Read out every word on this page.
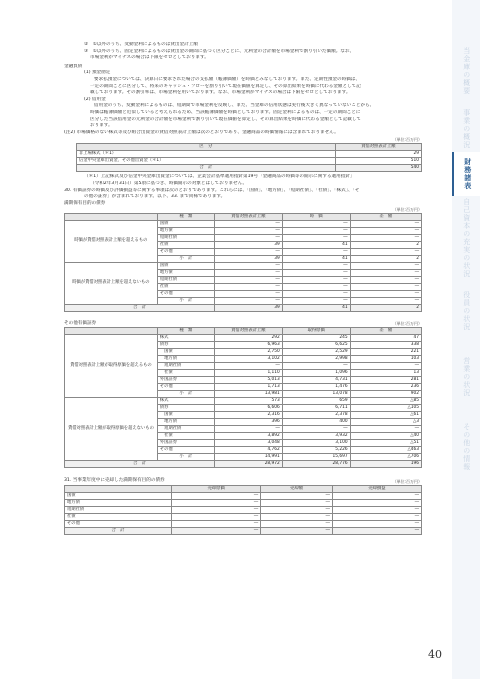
②　①以外のうち、変動金利によるものは貸出金計上額
③　①以外のうち、固定金利によるものは貸出金の期間に基づく区分ごとに、元利金の合計額を市場金利で割り引いた価額。なお、
市場金利がマイナスの場合は下限をゼロとしております。
金融負債
(1) 預金勘定
要求払預金については、決算日に要求された場合の支払額（帳簿価額）を時価とみなしております。また、定期性預金の時価は、
一定の期間ごとに区分して、将来のキャッシュ・フローを割り引いて現在価値を算定し、その算出結果を時価に代わる金額として記
載しております。その割引率は、市場金利を用いております。なお、市場金利がマイナスの場合は下限をゼロとしております。
(2) 借用金
借用金のうち、変動金利によるものは、短期間で市場金利を反映し、また、当金庫の信用状態は実行後大きく異なっていないことから、
時価は帳簿価額と近似していると考えられるため、当該帳簿価額を時価としております。固定金利によるものは、一定の期間ごとに
区分した当該借用金の元利金の合計額を市場金利で割り引いて現在価値を算定し、その算出結果を時価に代わる金額として記載して
おります。
(注2) 市場価格のない株式等及び組合出資金の貸借対照表計上額は次のとおりであり、金融商品の時価情報には含まれておりません。
（単位:百万円）
区　分	貸借対照表計上額
非上場株式（＊1）	29
信金中央金庫出資金、その他出資金（＊1）	510
合　計	540
（＊1）上記株式及び信金中央金庫出資金については、企業会計基準適用指針第19号「金融商品の時価等の開示に関する適用指針」
（令和2年3月31日）第5項に基づき、時価開示の対象とはしておりません。
30. 有価証券の時価及び評価損益等に関する事項は次のとおりであります。これらには、「国債」、「地方債」、「短期社債」、「社債」、「株式」、「そ
の他の証券」が含まれております。以下、33. まで同様であります。
満期保有目的の債券
（単位:百万円）
	種　類	貸借対照表計上額	時　価	差　額
時価が貸借対照表計上額を超えるもの	国債	―	―	―
	地方債	―	―	―
	短期社債	―	―	―
	社債	39	41	2
	その他	―	―	―
	小　計	39	41	2
時価が貸借対照表計上額を超えないもの	国債	―	―	―
	地方債	―	―	―
	短期社債	―	―	―
	社債	―	―	―
	その他	―	―	―
	小　計	―	―	―
合　計		39	41	2
その他有価証券	（単位:百万円）
	種　類	貸借対照表計上額	取得原価	差　額
貸借対照表計上額が取得原価を超えるもの	株式	292	245	47
	債券	6,963	6,625	338
	　国債	2,750	2,529	221
	　地方債	3,102	2,998	103
	　短期社債	―	―	―
	　社債	1,110	1,096	13
	外国証券	5,013	4,731	281
	その他	1,713	1,476	236
	小　計	13,981	13,078	902
貸借対照表計上額が取得原価を超えないもの	株式	573	659	△85
	債券	6,606	6,711	△105
	　国債	2,316	2,378	△61
	　地方債	396	400	△3
	　短期社債	―	―	―
	　社債	3,892	3,932	△40
	外国証券	3,048	3,100	△51
	その他	4,762	5,226	△463
	小　計	14,991	15,697	△706
合　計		28,972	28,776	196
31. 当事業年度中に売却した満期保有目的の債券	（単位:百万円）
	売却原価	売却額	売却損益
国債	―	―	―
地方債	―	―	―
短期社債	―	―	―
社債	―	―	―
その他	―	―	―
合　計	―	―	―
当金庫の概要
事業の概況
財務諸表
自己資本の充実の状況
役員の状況
営業の状況
その他の情報
40
